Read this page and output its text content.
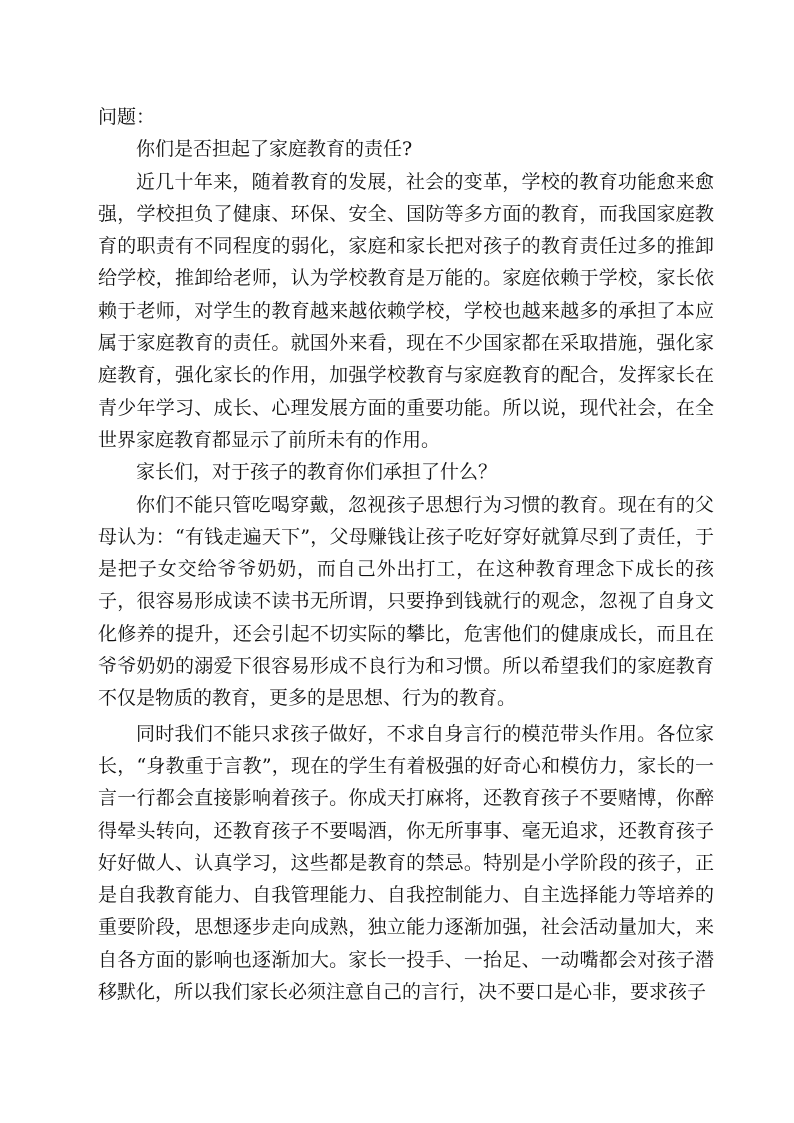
问题：

你们是否担起了家庭教育的责任?

近几十年来，随着教育的发展，社会的变革，学校的教育功能愈来愈强，学校担负了健康、环保、安全、国防等多方面的教育，而我国家庭教育的职责有不同程度的弱化，家庭和家长把对孩子的教育责任过多的推卸给学校，推卸给老师，认为学校教育是万能的。家庭依赖于学校，家长依赖于老师，对学生的教育越来越依赖学校，学校也越来越多的承担了本应属于家庭教育的责任。就国外来看，现在不少国家都在采取措施，强化家庭教育，强化家长的作用，加强学校教育与家庭教育的配合，发挥家长在青少年学习、成长、心理发展方面的重要功能。所以说，现代社会，在全世界家庭教育都显示了前所未有的作用。

家长们，对于孩子的教育你们承担了什么？

你们不能只管吃喝穿戴，忽视孩子思想行为习惯的教育。现在有的父母认为：“有钱走遍天下”，父母赚钱让孩子吃好穿好就算尽到了责任，于是把子女交给爷爷奶奶，而自己外出打工，在这种教育理念下成长的孩子，很容易形成读不读书无所谓，只要挣到钱就行的观念，忽视了自身文化修养的提升，还会引起不切实际的攀比，危害他们的健康成长，而且在爷爷奶奶的溺爱下很容易形成不良行为和习惯。所以希望我们的家庭教育不仅是物质的教育，更多的是思想、行为的教育。

同时我们不能只求孩子做好，不求自身言行的模范带头作用。各位家长，“身教重于言教”，现在的学生有着极强的好奇心和模仿力，家长的一言一行都会直接影响着孩子。你成天打麻将，还教育孩子不要赌博，你醉得晕头转向，还教育孩子不要喝酒，你无所事事、毫无追求，还教育孩子好好做人、认真学习，这些都是教育的禁忌。特别是小学阶段的孩子，正是自我教育能力、自我管理能力、自我控制能力、自主选择能力等培养的重要阶段，思想逐步走向成熟，独立能力逐渐加强，社会活动量加大，来自各方面的影响也逐渐加大。家长一投手、一抬足、一动嘴都会对孩子潜移默化，所以我们家长必须注意自己的言行，决不要口是心非，要求孩子
